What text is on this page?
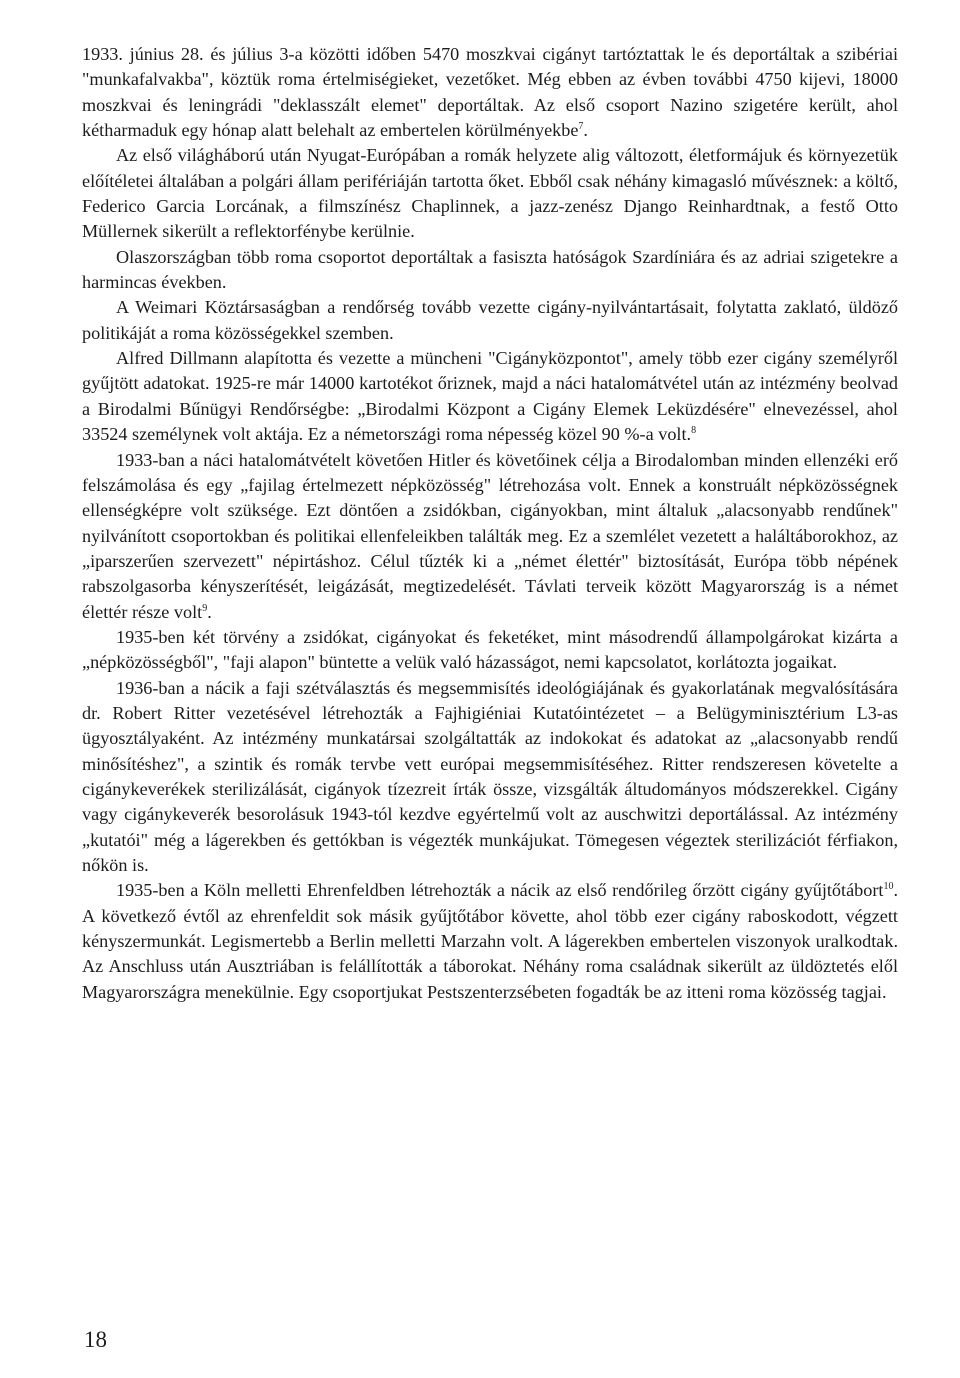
1933. június 28. és július 3-a közötti időben 5470 moszkvai cigányt tartóztattak le és deportáltak a szibériai "munkafalvakba", köztük roma értelmiségieket, vezetőket. Még ebben az évben további 4750 kijevi, 18000 moszkvai és leningrádi "deklasszált elemet" deportáltak. Az első csoport Nazino szigetére került, ahol kétharmaduk egy hónap alatt belehalt az embertelen körülményekbe$^7$.

Az első világháború után Nyugat-Európában a romák helyzete alig változott, életformájuk és környezetük előítéletei általában a polgári állam perifériáján tartotta őket. Ebből csak néhány kimagasló művésznek: a költő, Federico Garcia Lorcának, a filmszínész Chaplinnek, a jazz-zenész Django Reinhardtnak, a festő Otto Müllernek sikerült a reflektorfénybe kerülnie.

Olaszországban több roma csoportot deportáltak a fasiszta hatóságok Szardíniára és az adriai szigetekre a harmincas években.

A Weimari Köztársaságban a rendőrség tovább vezette cigány-nyilvántartásait, folytatta zaklató, üldöző politikáját a roma közösségekkel szemben.

Alfred Dillmann alapította és vezette a müncheni "Cigányközpontot", amely több ezer cigány személyről gyűjtött adatokat. 1925-re már 14000 kartotékot őriznek, majd a náci hatalomátvétel után az intézmény beolvad a Birodalmi Bűnügyi Rendőrségbe: „Birodalmi Központ a Cigány Elemek Leküzdésére" elnevezéssel, ahol 33524 személynek volt aktája. Ez a németországi roma népesség közel 90 %-a volt.$^8$

1933-ban a náci hatalomátvételt követően Hitler és követőinek célja a Birodalomban minden ellenzéki erő felszámolása és egy „fajilag értelmezett népközösség" létrehozása volt. Ennek a konstruált népközösségnek ellenségképre volt szüksége. Ezt döntően a zsidókban, cigányokban, mint általuk „alacsonyabb rendűnek" nyilvánított csoportokban és politikai ellenfeleikben találták meg. Ez a szemlélet vezetett a haláltáborokhoz, az „iparszerűen szervezett" népirtáshoz. Célul tűzték ki a „német élettér" biztosítását, Európa több népének rabszolgasorba kényszerítését, leigázását, megtizedelését. Távlati terveik között Magyarország is a német élettér része volt$^9$.

1935-ben két törvény a zsidókat, cigányokat és feketéket, mint másodrendű állampolgárokat kizárta a „népközösségből", "faji alapon" büntette a velük való házasságot, nemi kapcsolatot, korlátozta jogaikat.

1936-ban a nácik a faji szétválasztás és megsemmisítés ideológiájának és gyakorlatának megvalósítására dr. Robert Ritter vezetésével létrehozták a Fajhigiéniai Kutatóintézetet – a Belügyminisztérium L3-as ügyosztályaként. Az intézmény munkatársai szolgáltatták az indokokat és adatokat az „alacsonyabb rendű minősítéshez", a szintik és romák tervbe vett európai megsemmisítéséhez. Ritter rendszeresen követelte a cigánykeverékek sterilizálását, cigányok tízezreit írták össze, vizsgálták áltudományos módszerekkel. Cigány vagy cigánykeverék besorolásuk 1943-tól kezdve egyértelmű volt az auschwitzi deportálással. Az intézmény „kutatói" még a lágerekben és gettókban is végezték munkájukat. Tömegesen végeztek sterilizációt férfiakon, nőkön is.

1935-ben a Köln melletti Ehrenfeldben létrehozták a nácik az első rendőrileg őrzött cigány gyűjtőtábort$^{10}$. A következő évtől az ehrenfeldit sok másik gyűjtőtábor követte, ahol több ezer cigány raboskodott, végzett kényszermunkát. Legismertebb a Berlin melletti Marzahn volt. A lágerekben embertelen viszonyok uralkodtak. Az Anschluss után Ausztriában is felállították a táborokat. Néhány roma családnak sikerült az üldöztetés elől Magyarországra menekülnie. Egy csoportjukat Pestszenterzsébeten fogadták be az itteni roma közösség tagjai.

18
